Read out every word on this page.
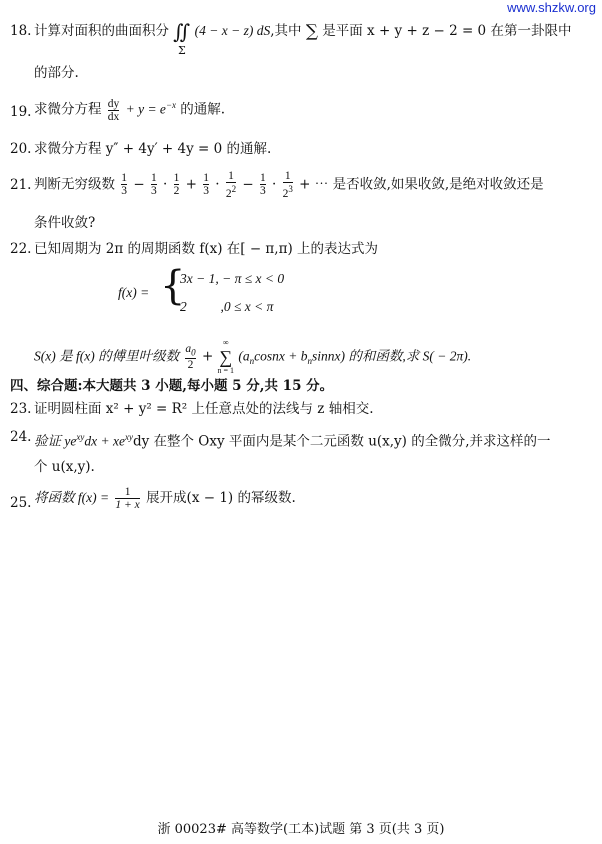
www.shzkw.org
18. 计算对面积的曲面积分 ∬ (4 − x − z) dS,其中 ∑ 是平面 x + y + z − 2 = 0 在第一卦限中
Σ
的部分.
19. 求微分方程 $\frac{dy}{dx} + y = e^{-x}$ 的通解.
20. 求微分方程 y″ + 4y′ + 4y = 0 的通解.
21. 判断无穷级数 $\frac{1}{3} - \frac{1}{3} \cdot \frac{1}{2} + \frac{1}{3} \cdot \frac{1}{2^2} - \frac{1}{3} \cdot \frac{1}{2^3}$ + ⋯ 是否收敛,如果收敛,是绝对收敛还是
条件收敛?
22. 已知周期为 2π 的周期函数 f(x) 在[ − π,π) 上的表达式为
f(x) = {
3x − 1, − π ≤ x < 0
2          ,0 ≤ x < π
S(x) 是 f(x) 的傅里叶级数 $\frac{a_0}{2}$ +
∞
∑
n = 1
($a_ncosnx$ + $b_nsinnx$) 的和函数,求 S( − 2π).
四、综合题:本大题共 3 小题,每小题 5 分,共 15 分。
23. 证明圆柱面 x² + y² = R² 上任意点处的法线与 z 轴相交.
24. 验证 $ye^{xy}dx + xe^{xy}dy$ 在整个 Oxy 平面内是某个二元函数 u(x,y) 的全微分,并求这样的一
个 u(x,y).
25. 将函数 $f(x) = \frac{1}{1 + x}$ 展开成(x − 1) 的幂级数.
浙 00023# 高等数学(工本)试题 第 3 页(共 3 页)
